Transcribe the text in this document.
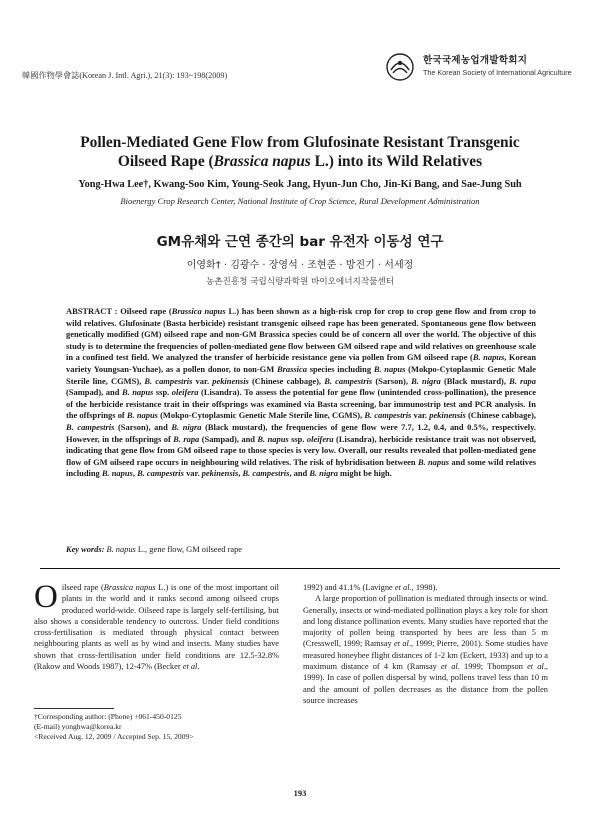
韓國作物學會誌(Korean J. Intl. Agri.), 21(3): 193~198(2009)
한국국제농업개발학회지
The Korean Society of International Agriculture
Pollen-Mediated Gene Flow from Glufosinate Resistant Transgenic
Oilseed Rape (Brassica napus L.) into its Wild Relatives
Yong-Hwa Lee†, Kwang-Soo Kim, Young-Seok Jang, Hyun-Jun Cho, Jin-Ki Bang, and Sae-Jung Suh
Bioenergy Crop Research Center, National Institute of Crop Science, Rural Development Administration
GM유채와 근연 종간의 bar 유전자 이동성 연구
이영화† · 김광수 · 장영석 · 조현준 · 방진기 · 서세정
농촌진흥청 국립식량과학원 바이오에너지작물센터
ABSTRACT : Oilseed rape (Brassica napus L.) has been shown as a high-risk crop for crop to crop gene flow and from crop to wild relatives. Glufosinate (Basta herbicide) resistant transgenic oilseed rape has been generated. Spontaneous gene flow between genetically modified (GM) oilseed rape and non-GM Brassica species could be of concern all over the world. The objective of this study is to determine the frequencies of pollen-mediated gene flow between GM oilseed rape and wild relatives on greenhouse scale in a confined test field. We analyzed the transfer of herbicide resistance gene via pollen from GM oilseed rape (B. napus, Korean variety Youngsan-Yuchae), as a pollen donor, to non-GM Brassica species including B. napus (Mokpo-Cytoplasmic Genetic Male Sterile line, CGMS), B. campestris var. pekinensis (Chinese cabbage), B. campestris (Sarson), B. nigra (Black mustard), B. rapa (Sampad), and B. napus ssp. oleifera (Lisandra). To assess the potential for gene flow (unintended cross-pollination), the presence of the herbicide resistance trait in their offsprings was examined via Basta screening, bar immunostrip test and PCR analysis. In the offsprings of B. napus (Mokpo-Cytoplasmic Genetic Male Sterile line, CGMS), B. campestris var. pekinensis (Chinese cabbage), B. campestris (Sarson), and B. nigra (Black mustard), the frequencies of gene flow were 7.7, 1.2, 0.4, and 0.5%, respectively. However, in the offsprings of B. rapa (Sampad), and B. napus ssp. oleifera (Lisandra), herbicide resistance trait was not observed, indicating that gene flow from GM oilseed rape to those species is very low. Overall, our results revealed that pollen-mediated gene flow of GM oilseed rape occurs in neighbouring wild relatives. The risk of hybridisation between B. napus and some wild relatives including B. napus, B. campestris var. pekinensis, B. campestris, and B. nigra might be high.
Key words: B. napus L., gene flow, GM oilseed rape

Oilseed rape (Brassica napus L.) is one of the most important oil plants in the world and it ranks second among oilseed crops produced world-wide. Oilseed rape is largely self-fertilising, but also shows a considerable tendency to outcross. Under field conditions cross-fertilisation is mediated through physical contact between neighbouring plants as well as by wind and insects. Many studies have shown that cross-fertilisation under field conditions are 12.5-32.8% (Rakow and Woods 1987), 12-47% (Becker et al.

1992) and 41.1% (Lavigne et al., 1998).

A large proportion of pollination is mediated through insects or wind. Generally, insects or wind-mediated pollination plays a key role for short and long distance pollination events. Many studies have reported that the majority of pollen being transported by bees are less than 5 m (Cresswell, 1999; Ramsay et al., 1999; Pierre, 2001). Some studies have measured honeybee flight distances of 1-2 km (Eckert, 1933) and up to a maximum distance of 4 km (Ramsay et al. 1999; Thompson et al., 1999). In case of pollen dispersal by wind, pollens travel less than 10 m and the amount of pollen decreases as the distance from the pollen source increases

†Corresponding author: (Phone) +061-450-0125
(E-mail) yonghwa@korea.kr
<Received Aug. 12, 2009 / Accepted Sep. 15, 2009>
193
